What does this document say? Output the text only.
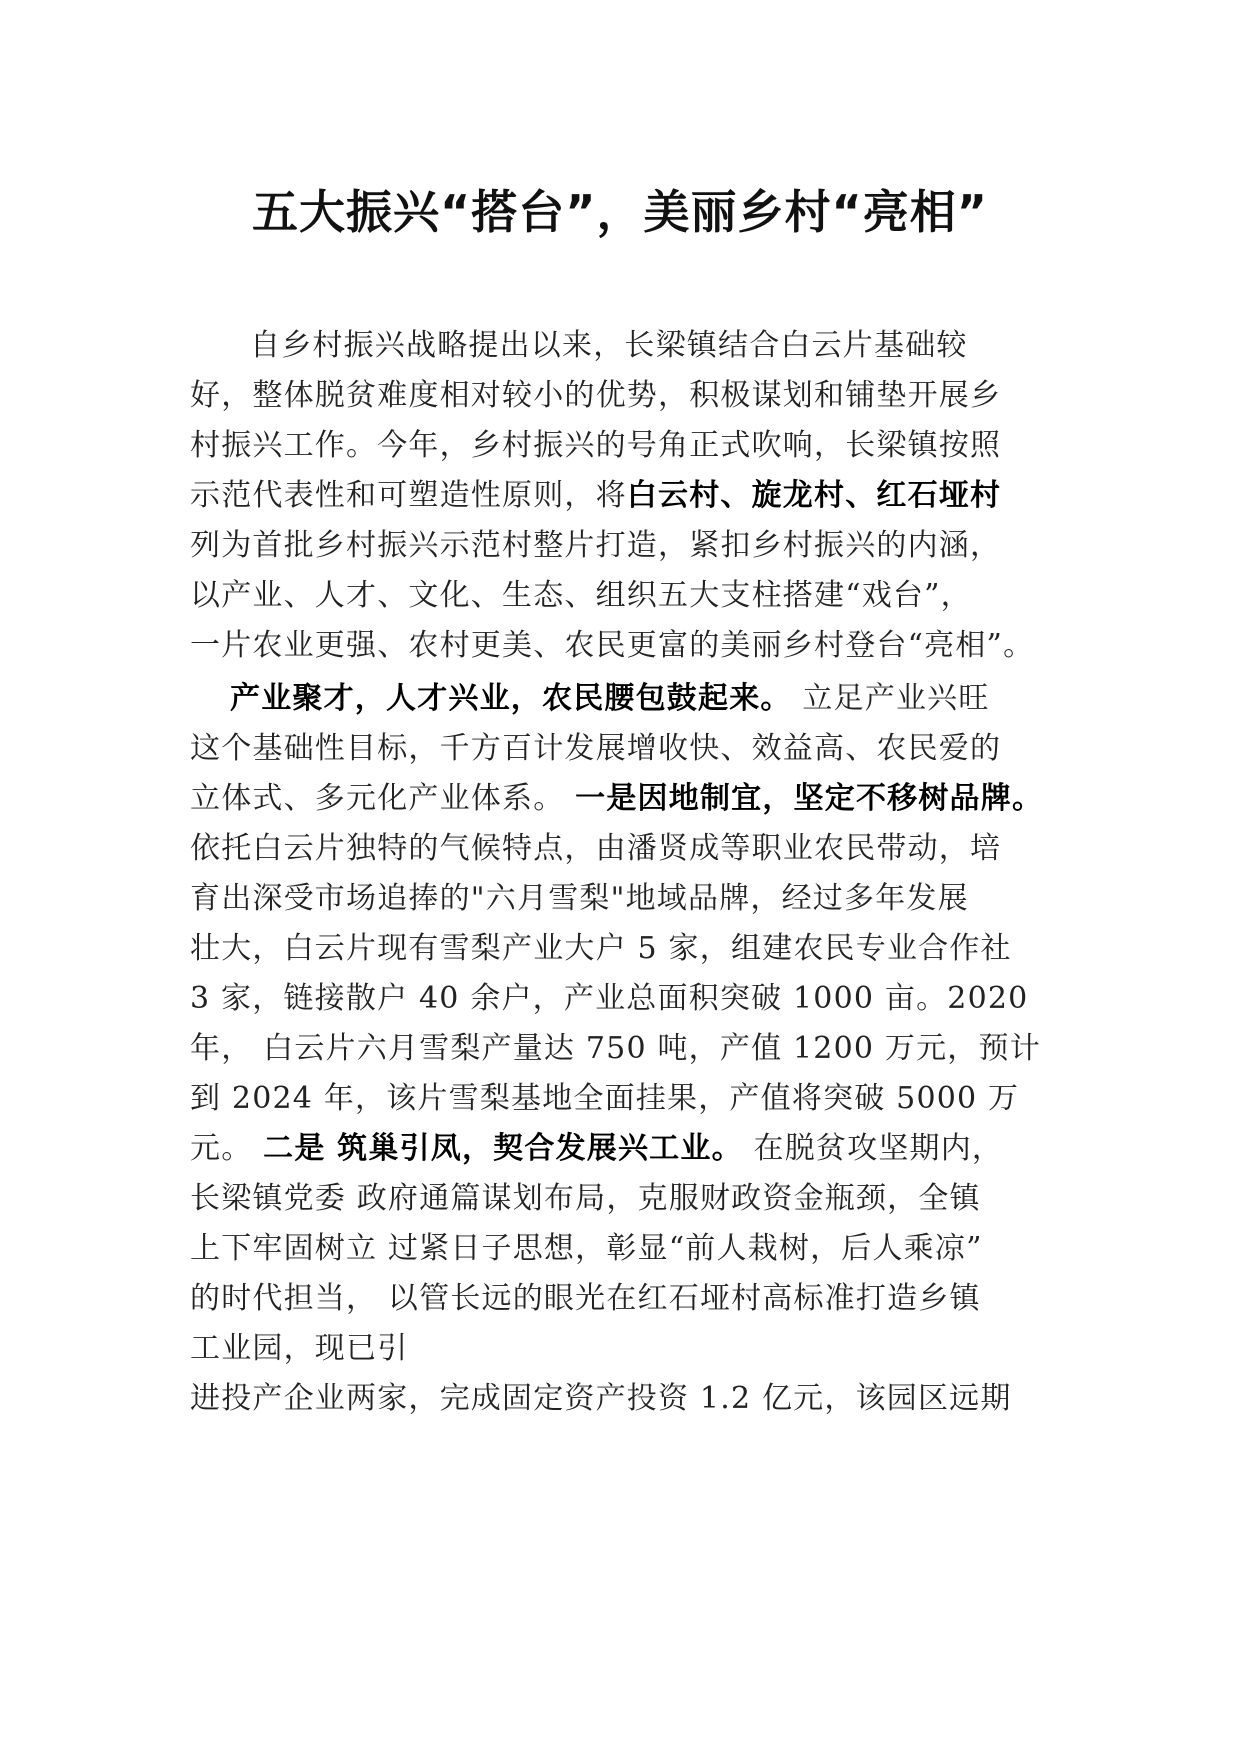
五大振兴“搭台”，美丽乡村“亮相”
自乡村振兴战略提出以来，长梁镇结合白云片基础较
好，整体脱贫难度相对较小的优势，积极谋划和铺垫开展乡
村振兴工作。今年，乡村振兴的号角正式吹响，长梁镇按照
示范代表性和可塑造性原则，将白云村、旋龙村、红石垭村
列为首批乡村振兴示范村整片打造，紧扣乡村振兴的内涵，
以产业、人才、文化、生态、组织五大支柱搭建“戏台”，
一片农业更强、农村更美、农民更富的美丽乡村登台“亮相”。
产业聚才，人才兴业，农民腰包鼓起来。 立足产业兴旺
这个基础性目标，千方百计发展增收快、效益高、农民爱的
立体式、多元化产业体系。 一是因地制宜，坚定不移树品牌。
依托白云片独特的气候特点，由潘贤成等职业农民带动，培
育出深受市场追捧的"六月雪梨"地域品牌，经过多年发展
壮大，白云片现有雪梨产业大户 5 家，组建农民专业合作社
3 家，链接散户 40 余户，产业总面积突破 1000 亩。2020
年， 白云片六月雪梨产量达 750 吨，产值 1200 万元，预计
到 2024 年，该片雪梨基地全面挂果，产值将突破 5000 万
元。 二是 筑巢引凤，契合发展兴工业。 在脱贫攻坚期内，
长梁镇党委 政府通篇谋划布局，克服财政资金瓶颈，全镇
上下牢固树立 过紧日子思想，彰显“前人栽树，后人乘凉”
的时代担当， 以管长远的眼光在红石垭村高标准打造乡镇
工业园，现已引
进投产企业两家，完成固定资产投资 1.2 亿元，该园区远期
